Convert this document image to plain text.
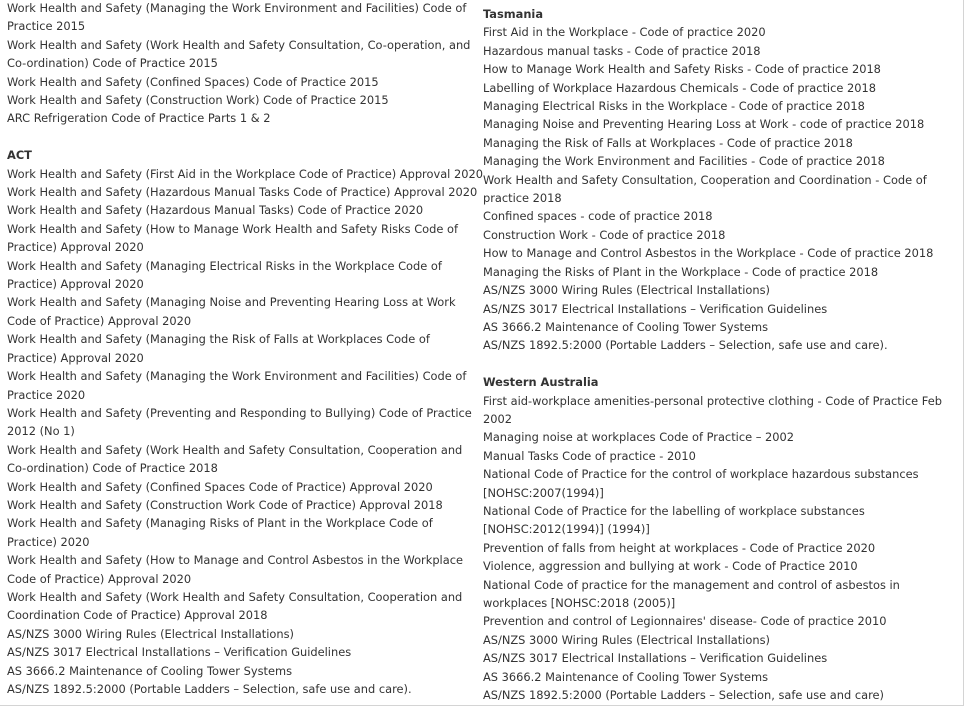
Work Health and Safety (Managing the Work Environment and Facilities) Code of Practice 2015
Work Health and Safety (Work Health and Safety Consultation, Co-operation, and Co-ordination) Code of Practice 2015
Work Health and Safety (Confined Spaces) Code of Practice 2015
Work Health and Safety (Construction Work) Code of Practice 2015
ARC Refrigeration Code of Practice Parts 1 & 2
ACT
Work Health and Safety (First Aid in the Workplace Code of Practice) Approval 2020
Work Health and Safety (Hazardous Manual Tasks Code of Practice) Approval 2020
Work Health and Safety (Hazardous Manual Tasks) Code of Practice 2020
Work Health and Safety (How to Manage Work Health and Safety Risks Code of Practice) Approval 2020
Work Health and Safety (Managing Electrical Risks in the Workplace Code of Practice) Approval 2020
Work Health and Safety (Managing Noise and Preventing Hearing Loss at Work Code of Practice) Approval 2020
Work Health and Safety (Managing the Risk of Falls at Workplaces Code of Practice) Approval 2020
Work Health and Safety (Managing the Work Environment and Facilities) Code of Practice 2020
Work Health and Safety (Preventing and Responding to Bullying) Code of Practice 2012 (No 1)
Work Health and Safety (Work Health and Safety Consultation, Cooperation and Co-ordination) Code of Practice 2018
Work Health and Safety (Confined Spaces Code of Practice) Approval 2020
Work Health and Safety (Construction Work Code of Practice) Approval 2018
Work Health and Safety (Managing Risks of Plant in the Workplace Code of Practice) 2020
Work Health and Safety (How to Manage and Control Asbestos in the Workplace Code of Practice) Approval 2020
Work Health and Safety (Work Health and Safety Consultation, Cooperation and Coordination Code of Practice) Approval 2018
AS/NZS 3000 Wiring Rules (Electrical Installations)
AS/NZS 3017 Electrical Installations – Verification Guidelines
AS 3666.2 Maintenance of Cooling Tower Systems
AS/NZS 1892.5:2000 (Portable Ladders – Selection, safe use and care).
Tasmania
First Aid in the Workplace - Code of practice 2020
Hazardous manual tasks - Code of practice 2018
How to Manage Work Health and Safety Risks - Code of practice 2018
Labelling of Workplace Hazardous Chemicals - Code of practice 2018
Managing Electrical Risks in the Workplace - Code of practice 2018
Managing Noise and Preventing Hearing Loss at Work - code of practice 2018
Managing the Risk of Falls at Workplaces - Code of practice 2018
Managing the Work Environment and Facilities - Code of practice 2018
Work Health and Safety Consultation, Cooperation and Coordination - Code of practice 2018
Confined spaces - code of practice 2018
Construction Work - Code of practice 2018
How to Manage and Control Asbestos in the Workplace - Code of practice 2018
Managing the Risks of Plant in the Workplace - Code of practice 2018
AS/NZS 3000 Wiring Rules (Electrical Installations)
AS/NZS 3017 Electrical Installations – Verification Guidelines
AS 3666.2 Maintenance of Cooling Tower Systems
AS/NZS 1892.5:2000 (Portable Ladders – Selection, safe use and care).
Western Australia
First aid-workplace amenities-personal protective clothing - Code of Practice Feb 2002
Managing noise at workplaces Code of Practice – 2002
Manual Tasks Code of practice - 2010
National Code of Practice for the control of workplace hazardous substances [NOHSC:2007(1994)]
National Code of Practice for the labelling of workplace substances [NOHSC:2012(1994)] (1994)]
Prevention of falls from height at workplaces - Code of Practice 2020
Violence, aggression and bullying at work - Code of Practice 2010
National Code of practice for the management and control of asbestos in workplaces [NOHSC:2018 (2005)]
Prevention and control of Legionnaires' disease- Code of practice 2010
AS/NZS 3000 Wiring Rules (Electrical Installations)
AS/NZS 3017 Electrical Installations – Verification Guidelines
AS 3666.2 Maintenance of Cooling Tower Systems
AS/NZS 1892.5:2000 (Portable Ladders – Selection, safe use and care)
